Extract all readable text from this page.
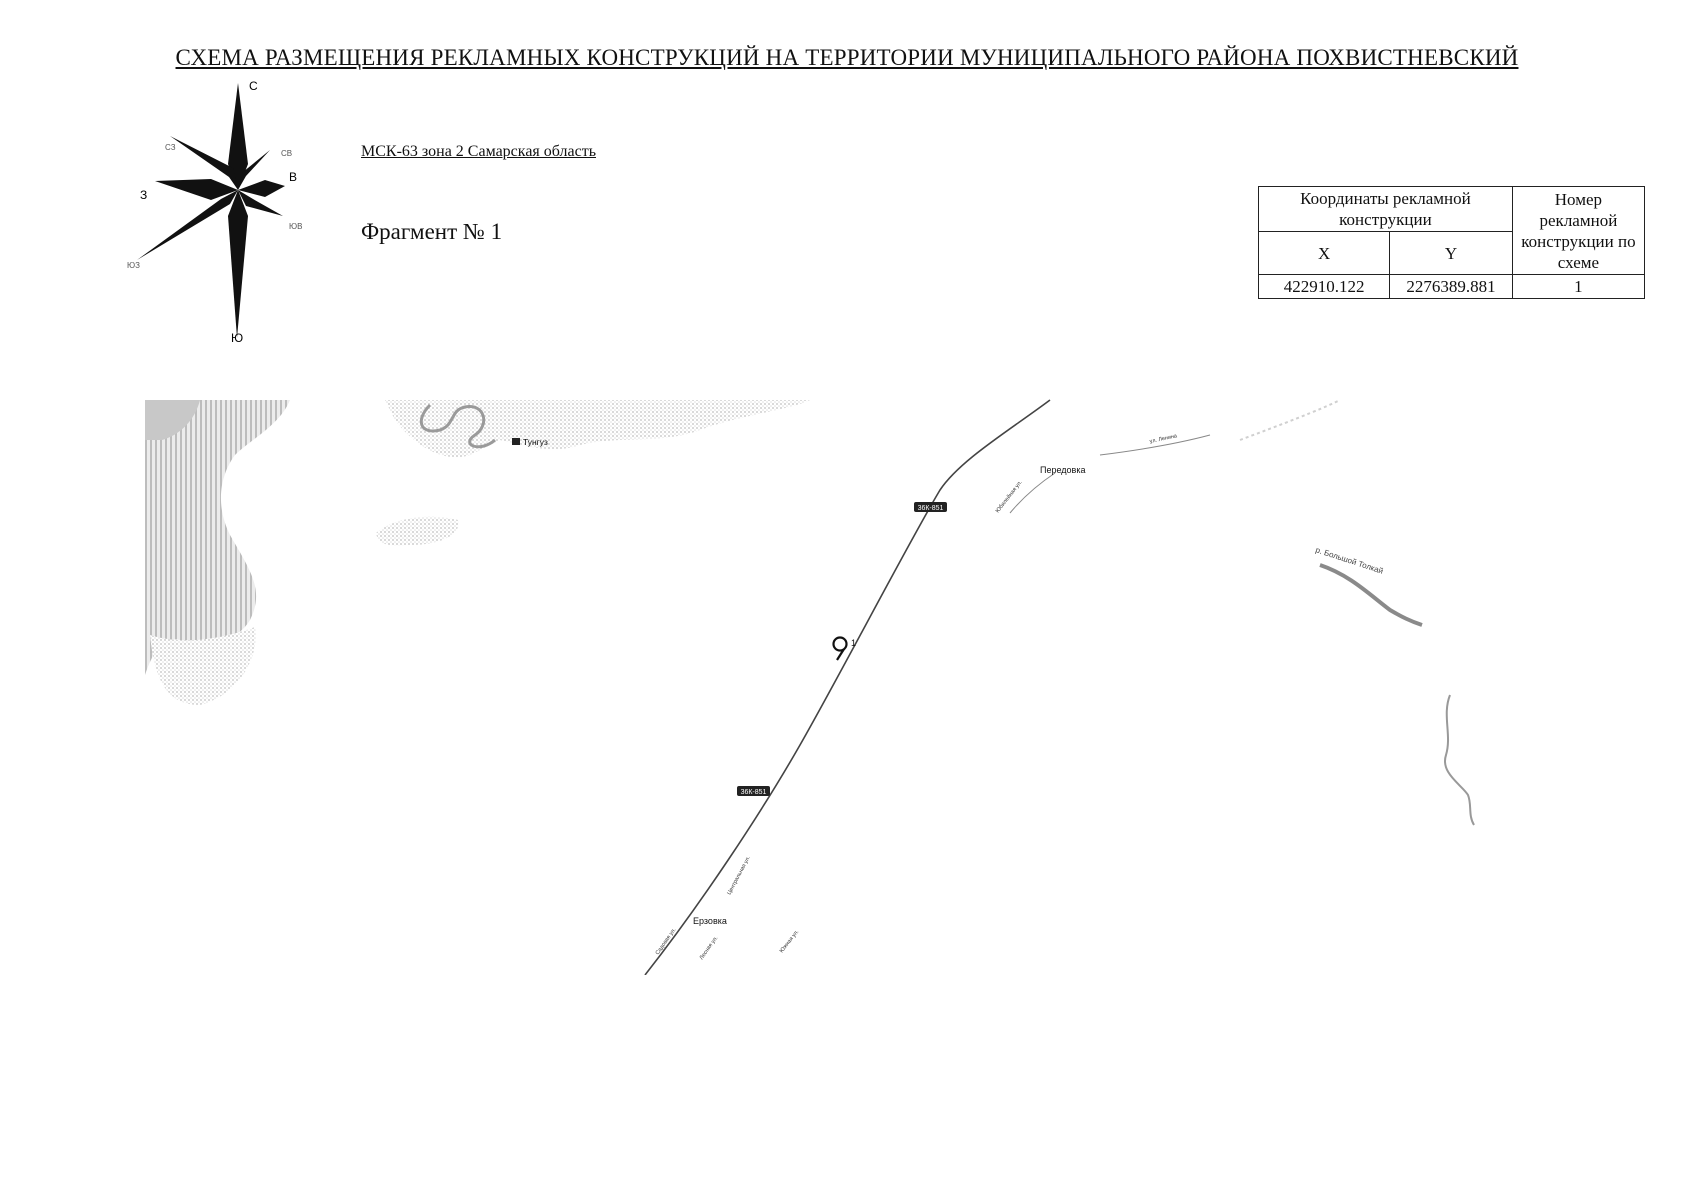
СХЕМА РАЗМЕЩЕНИЯ РЕКЛАМНЫХ КОНСТРУКЦИЙ НА ТЕРРИТОРИИ МУНИЦИПАЛЬНОГО РАЙОНА ПОХВИСТНЕВСКИЙ
С
Ю
В
З
СВ
СЗ
ЮВ
ЮЗ
МСК-63 зона 2 Самарская область
Фрагмент № 1
Координаты рекламной конструкции		Номер рекламной конструкции по схеме
X	Y	
422910.122	2276389.881	1
36К-851
36К-851
Тунгуз
Передовка
Ерзовка
ул. Ленина
Юбилейная ул.
Центральная ул.
Садовая ул.	Лесная ул.	Южная ул.
р. Большой Толкай
1
